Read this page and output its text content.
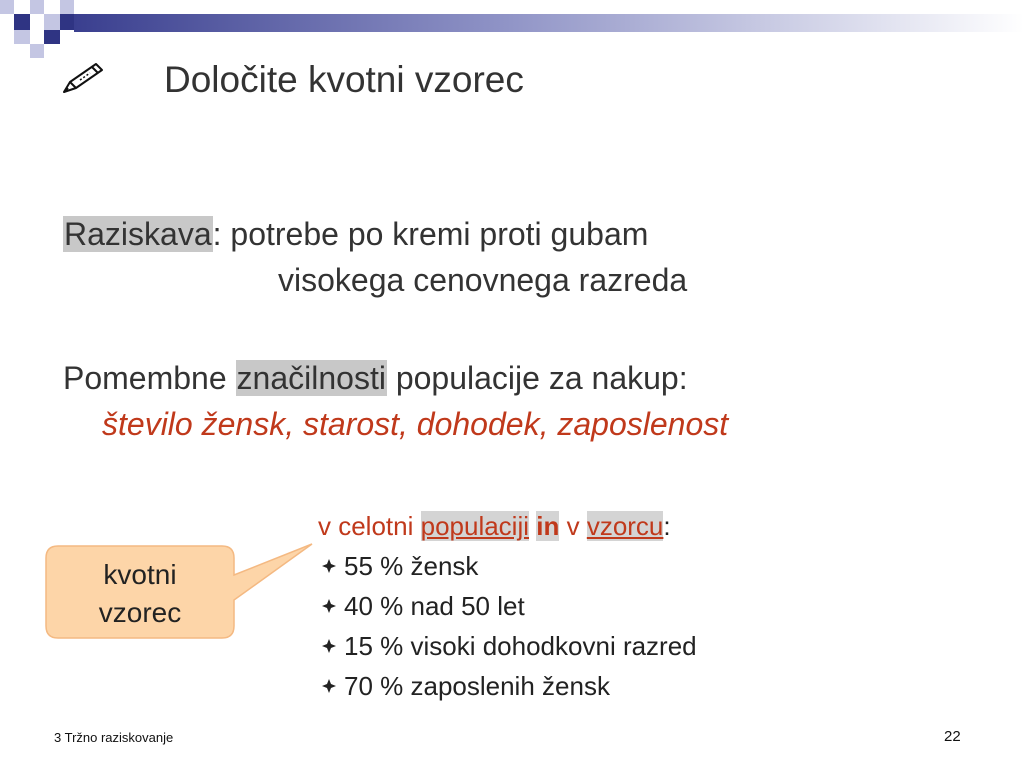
Določite kvotni vzorec
Raziskava: potrebe po kremi proti gubam
visokega cenovnega razreda
Pomembne značilnosti populacije za nakup:
število žensk, starost, dohodek, zaposlenost
kvotni
vzorec
v celotni populaciji in v vzorcu:
55 % žensk
40 % nad 50 let
15 % visoki dohodkovni razred
70 % zaposlenih žensk
3 Tržno raziskovanje	22
